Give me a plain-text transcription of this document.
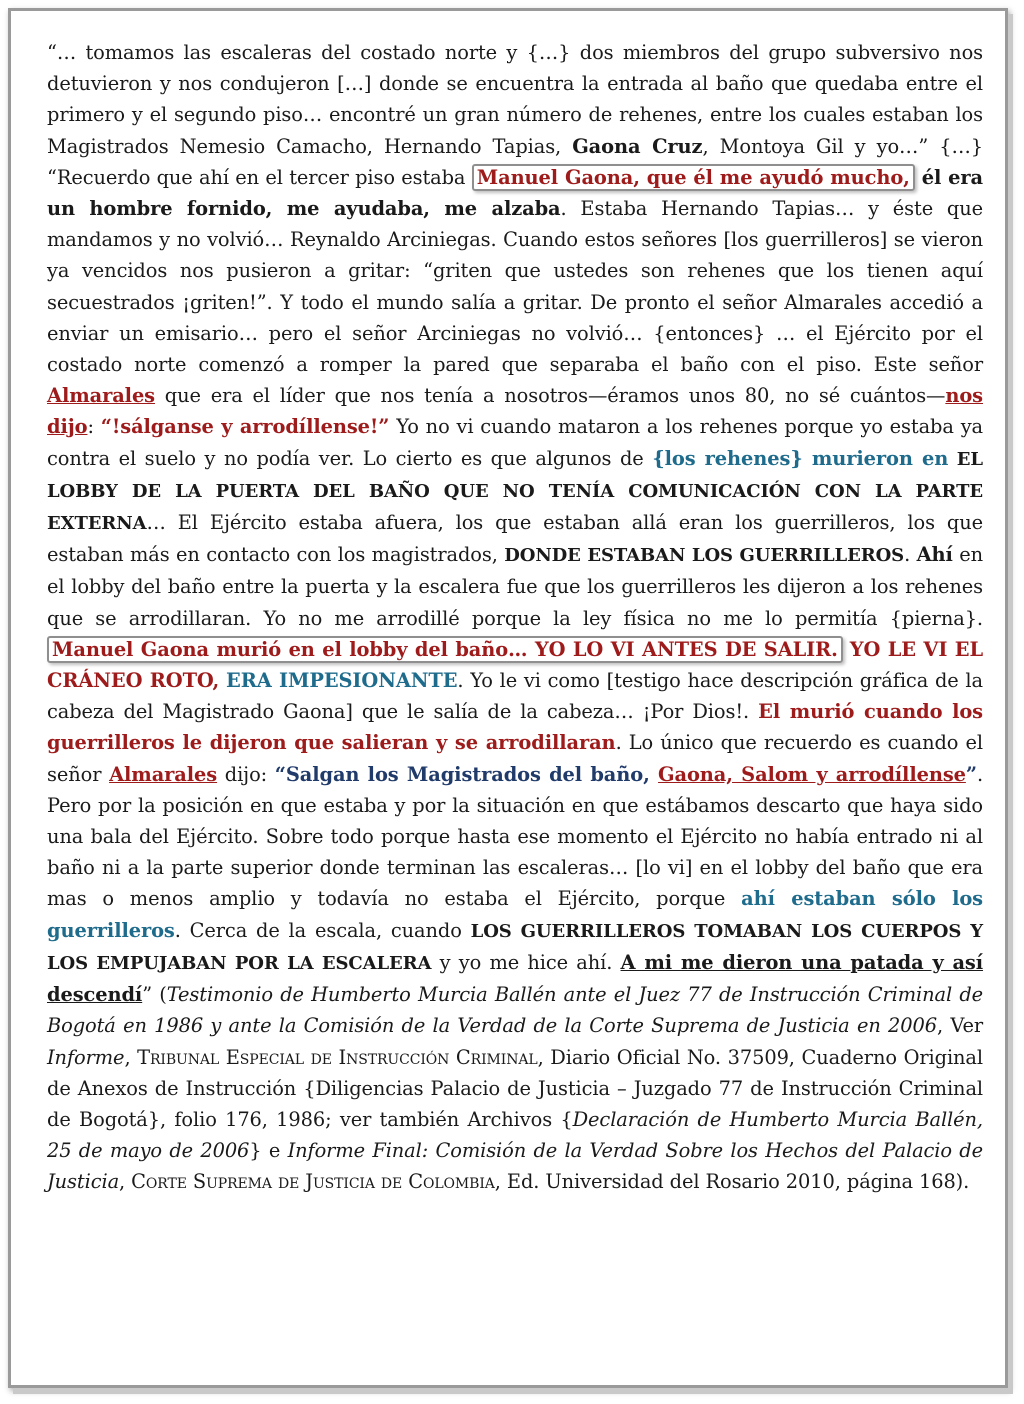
“… tomamos las escaleras del costado norte y {…} dos miembros del grupo subversivo nos detuvieron y nos condujeron […] donde se encuentra la entrada al baño que quedaba entre el primero y el segundo piso… encontré un gran número de rehenes, entre los cuales estaban los Magistrados Nemesio Camacho, Hernando Tapias, Gaona Cruz, Montoya Gil y yo…” {…} “Recuerdo que ahí en el tercer piso estaba Manuel Gaona, que él me ayudó mucho, él era un hombre fornido, me ayudaba, me alzaba. Estaba Hernando Tapias… y éste que mandamos y no volvió… Reynaldo Arciniegas. Cuando estos señores [los guerrilleros] se vieron ya vencidos nos pusieron a gritar: “griten que ustedes son rehenes que los tienen aquí secuestrados ¡griten!”. Y todo el mundo salía a gritar. De pronto el señor Almarales accedió a enviar un emisario… pero el señor Arciniegas no volvió… {entonces} … el Ejército por el costado norte comenzó a romper la pared que separaba el baño con el piso. Este señor Almarales que era el líder que nos tenía a nosotros—éramos unos 80, no sé cuántos—nos dijo: “!sálganse y arrodíllense!” Yo no vi cuando mataron a los rehenes porque yo estaba ya contra el suelo y no podía ver. Lo cierto es que algunos de {los rehenes} murieron en EL LOBBY DE LA PUERTA DEL BAÑO QUE NO TENÍA COMUNICACIÓN CON LA PARTE EXTERNA… El Ejército estaba afuera, los que estaban allá eran los guerrilleros, los que estaban más en contacto con los magistrados, DONDE ESTABAN LOS GUERRILLEROS. Ahí en el lobby del baño entre la puerta y la escalera fue que los guerrilleros les dijeron a los rehenes que se arrodillaran. Yo no me arrodillé porque la ley física no me lo permitía {pierna}. Manuel Gaona murió en el lobby del baño… YO LO VI ANTES DE SALIR. YO LE VI EL CRÁNEO ROTO, ERA IMPESIONANTE. Yo le vi como [testigo hace descripción gráfica de la cabeza del Magistrado Gaona] que le salía de la cabeza… ¡Por Dios!. El murió cuando los guerrilleros le dijeron que salieran y se arrodillaran. Lo único que recuerdo es cuando el señor Almarales dijo: “Salgan los Magistrados del baño, Gaona, Salom y arrodíllense”. Pero por la posición en que estaba y por la situación en que estábamos descarto que haya sido una bala del Ejército. Sobre todo porque hasta ese momento el Ejército no había entrado ni al baño ni a la parte superior donde terminan las escaleras… [lo vi] en el lobby del baño que era mas o menos amplio y todavía no estaba el Ejército, porque ahí estaban sólo los guerrilleros. Cerca de la escala, cuando LOS GUERRILLEROS TOMABAN LOS CUERPOS Y LOS EMPUJABAN POR LA ESCALERA y yo me hice ahí. A mi me dieron una patada y así descendí” (Testimonio de Humberto Murcia Ballén ante el Juez 77 de Instrucción Criminal de Bogotá en 1986 y ante la Comisión de la Verdad de la Corte Suprema de Justicia en 2006, Ver Informe, Tribunal Especial de Instrucción Criminal, Diario Oficial No. 37509, Cuaderno Original de Anexos de Instrucción {Diligencias Palacio de Justicia – Juzgado 77 de Instrucción Criminal de Bogotá}, folio 176, 1986; ver también Archivos {Declaración de Humberto Murcia Ballén, 25 de mayo de 2006} e Informe Final: Comisión de la Verdad Sobre los Hechos del Palacio de Justicia, Corte Suprema de Justicia de Colombia, Ed. Universidad del Rosario 2010, página 168).
